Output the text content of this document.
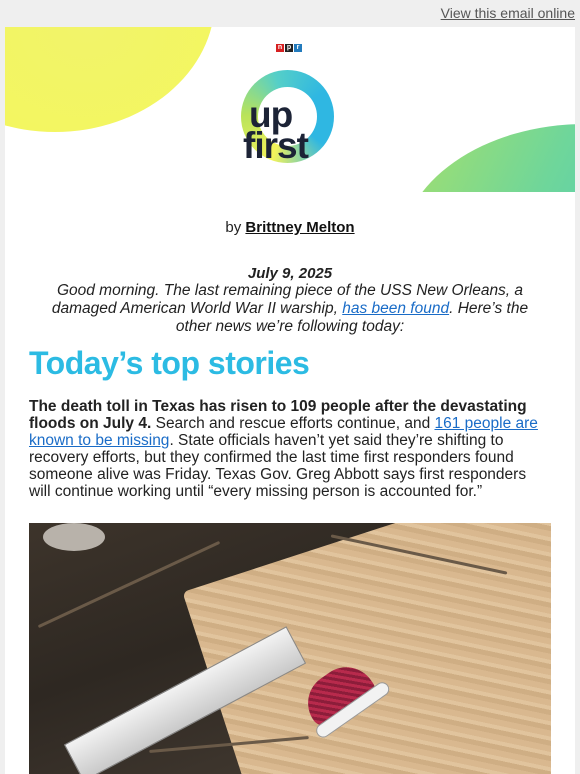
View this email online
n p r
up
first
by Brittney Melton
July 9, 2025
Good morning. The last remaining piece of the USS New Orleans, a damaged American World War II warship, has been found. Here’s the other news we’re following today:
Today’s top stories
The death toll in Texas has risen to 109 people after the devastating floods on July 4. Search and rescue efforts continue, and 161 people are known to be missing. State officials haven’t yet said they’re shifting to recovery efforts, but they confirmed the last time first responders found someone alive was Friday. Texas Gov. Greg Abbott says first responders will continue working until “every missing person is accounted for.”
